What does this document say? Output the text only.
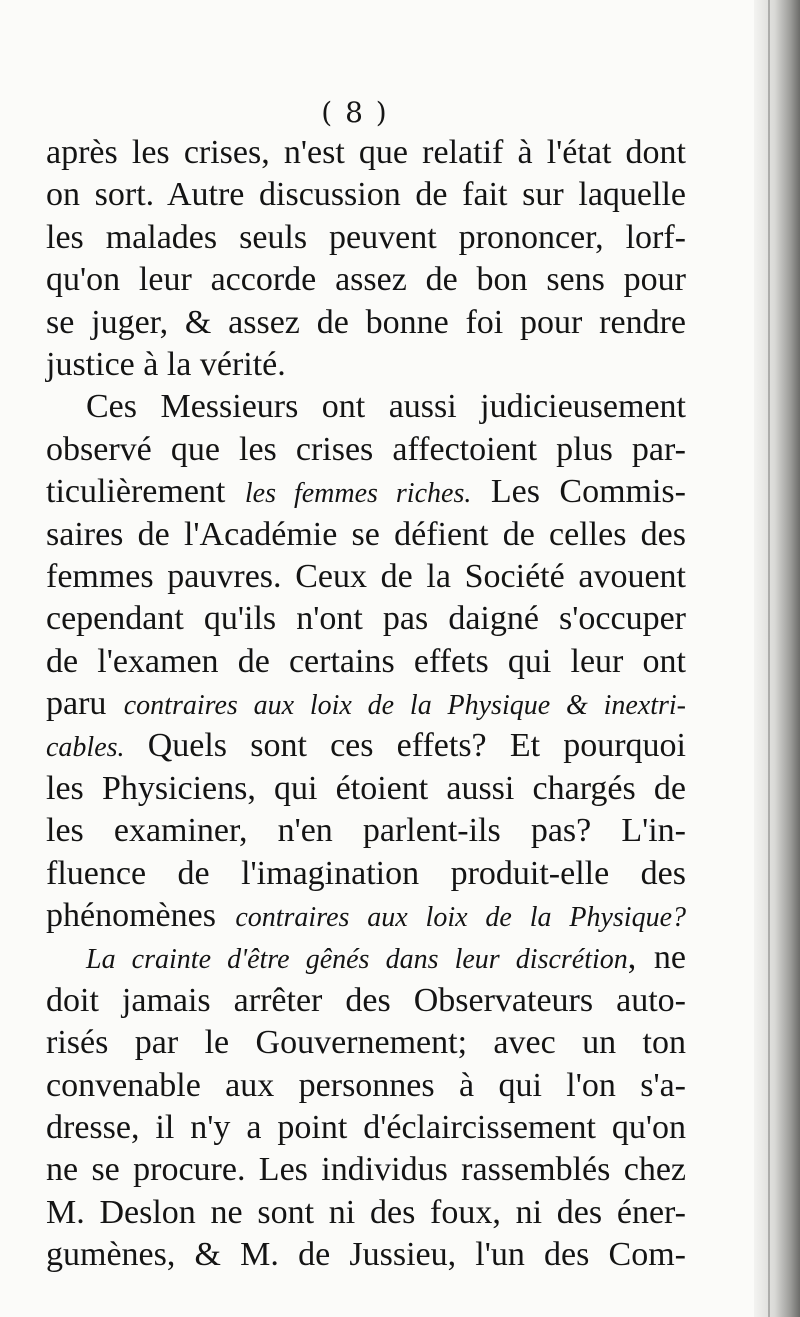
( 8 )
après les crises, n'est que relatif à l'état dont
on sort. Autre discussion de fait sur laquelle
les malades seuls peuvent prononcer, lorf-
qu'on leur accorde assez de bon sens pour
se juger, & assez de bonne foi pour rendre
justice à la vérité.
Ces Messieurs ont aussi judicieusement
observé que les crises affectoient plus par-
ticulièrement les femmes riches. Les Commis-
saires de l'Académie se défient de celles des
femmes pauvres. Ceux de la Société avouent
cependant qu'ils n'ont pas daigné s'occuper
de l'examen de certains effets qui leur ont
paru contraires aux loix de la Physique & inextri-
cables. Quels sont ces effets? Et pourquoi
les Physiciens, qui étoient aussi chargés de
les examiner, n'en parlent-ils pas? L'in-
fluence de l'imagination produit-elle des
phénomènes contraires aux loix de la Physique?
La crainte d'être gênés dans leur discrétion, ne
doit jamais arrêter des Observateurs auto-
risés par le Gouvernement; avec un ton
convenable aux personnes à qui l'on s'a-
dresse, il n'y a point d'éclaircissement qu'on
ne se procure. Les individus rassemblés chez
M. Deslon ne sont ni des foux, ni des éner-
gumènes, & M. de Jussieu, l'un des Com-
